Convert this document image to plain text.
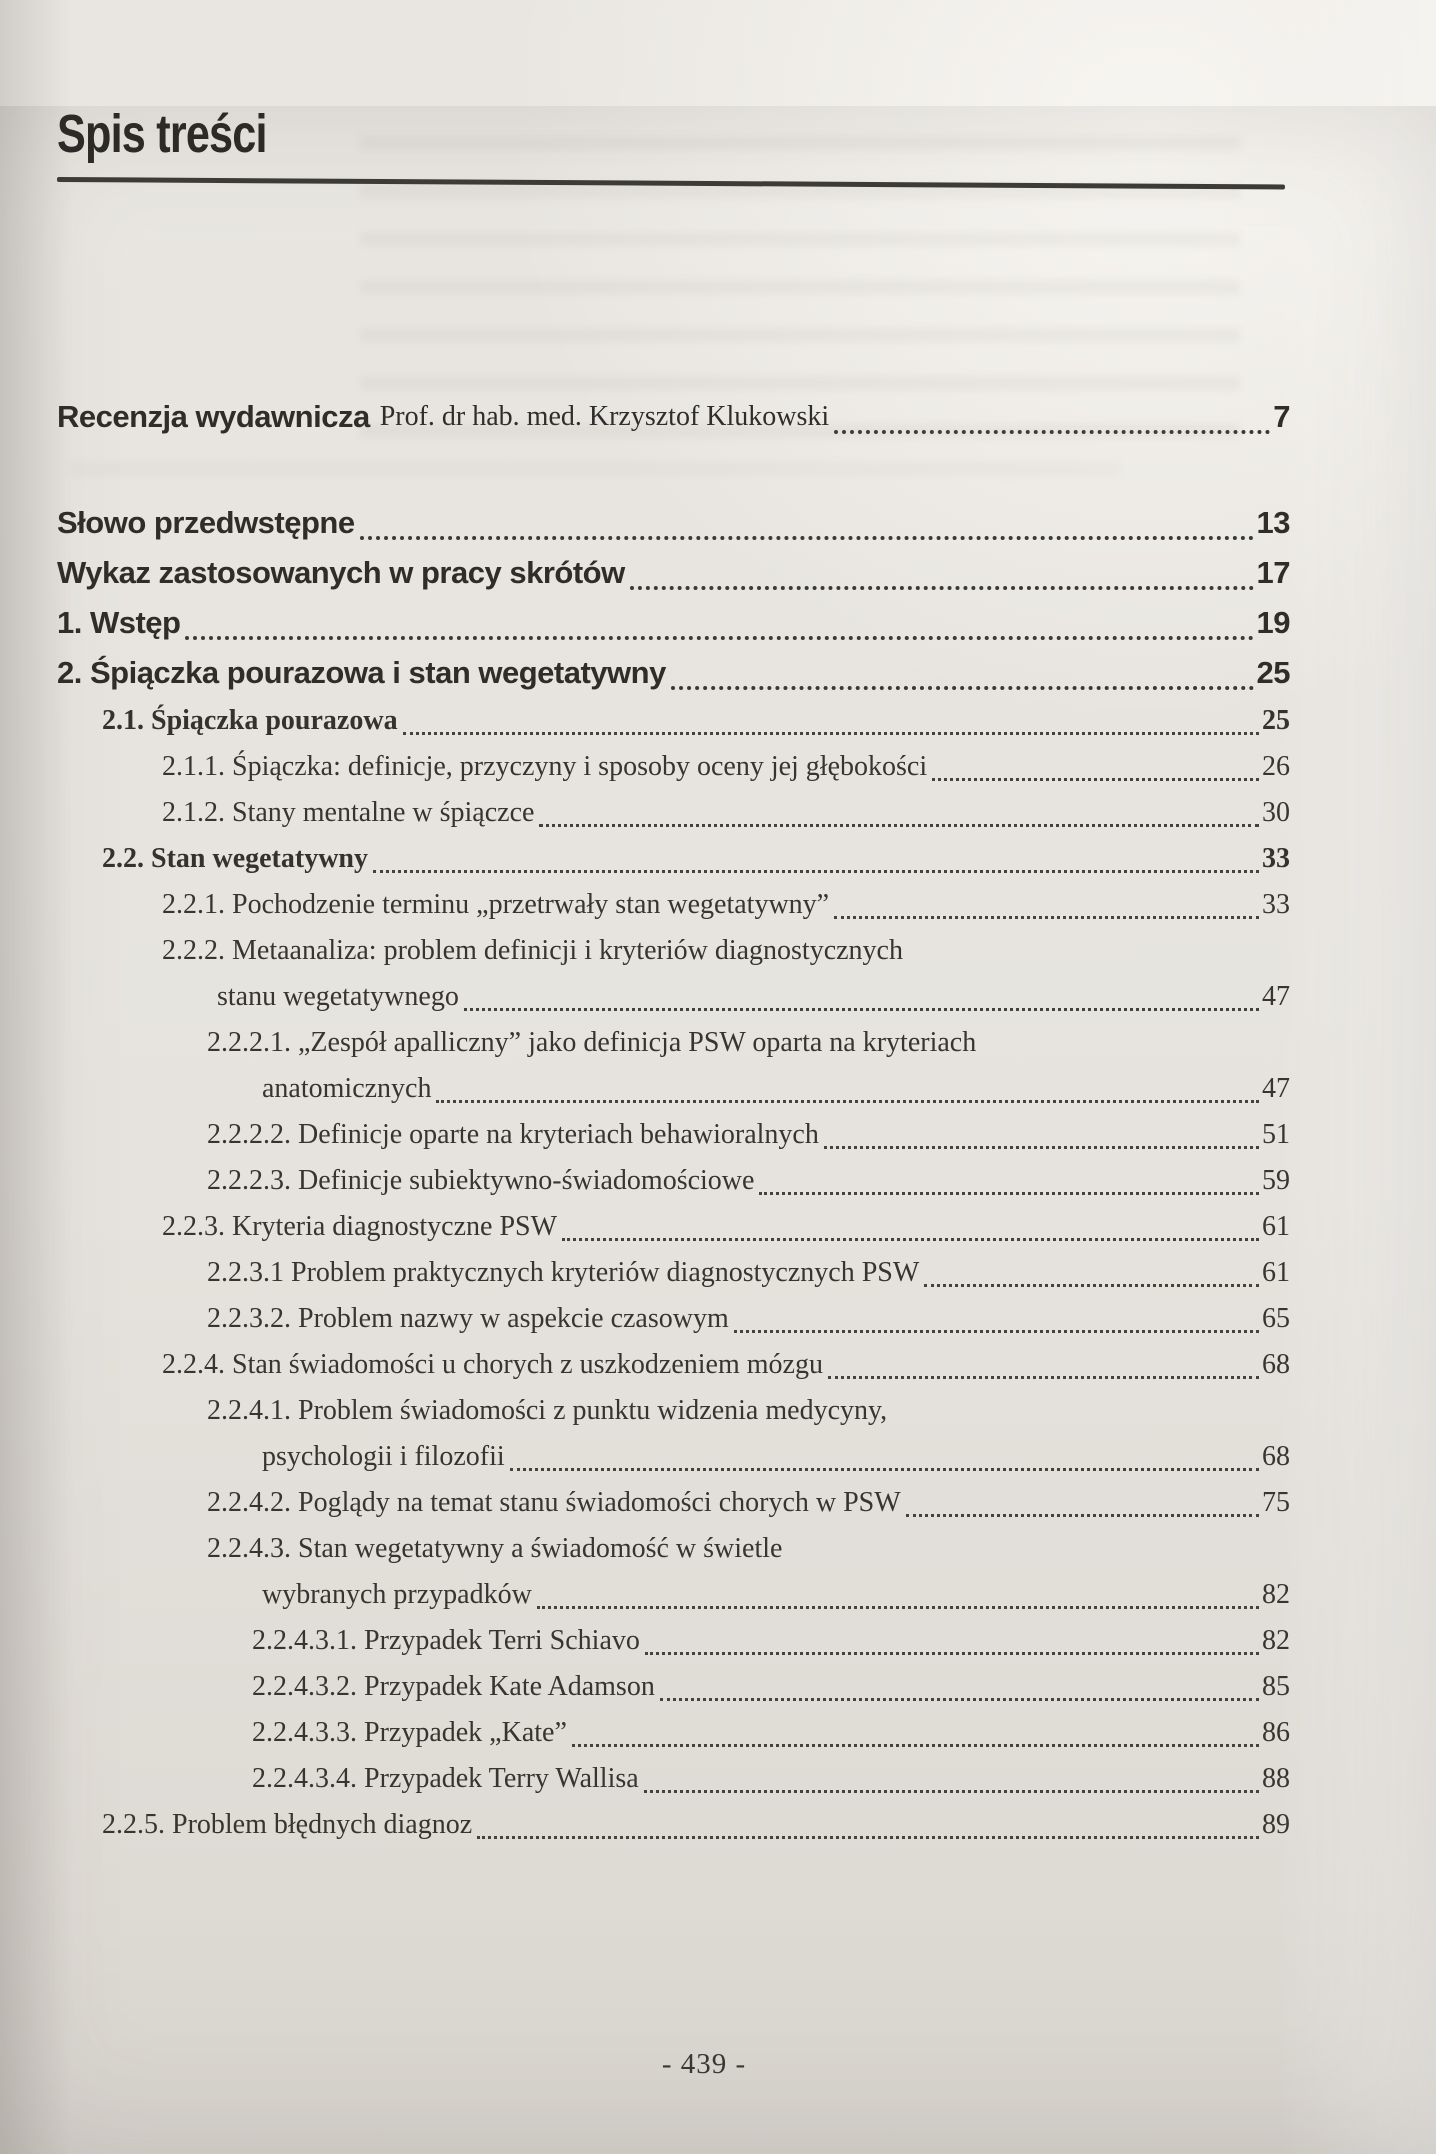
Spis treści
Recenzja wydawnicza Prof. dr hab. med. Krzysztof Klukowski	7
Słowo przedwstępne	13
Wykaz zastosowanych w pracy skrótów	17
1. Wstęp	19
2. Śpiączka pourazowa i stan wegetatywny	25
2.1. Śpiączka pourazowa	25
2.1.1. Śpiączka: definicje, przyczyny i sposoby oceny jej głębokości	26
2.1.2. Stany mentalne w śpiączce	30
2.2. Stan wegetatywny	33
2.2.1. Pochodzenie terminu „przetrwały stan wegetatywny”	33
2.2.2. Metaanaliza: problem definicji i kryteriów diagnostycznych
stanu wegetatywnego	47
2.2.2.1. „Zespół apalliczny” jako definicja PSW oparta na kryteriach
anatomicznych	47
2.2.2.2. Definicje oparte na kryteriach behawioralnych	51
2.2.2.3. Definicje subiektywno-świadomościowe	59
2.2.3. Kryteria diagnostyczne PSW	61
2.2.3.1 Problem praktycznych kryteriów diagnostycznych PSW	61
2.2.3.2. Problem nazwy w aspekcie czasowym	65
2.2.4. Stan świadomości u chorych z uszkodzeniem mózgu	68
2.2.4.1. Problem świadomości z punktu widzenia medycyny,
psychologii i filozofii	68
2.2.4.2. Poglądy na temat stanu świadomości chorych w PSW	75
2.2.4.3. Stan wegetatywny a świadomość w świetle
wybranych przypadków	82
2.2.4.3.1. Przypadek Terri Schiavo	82
2.2.4.3.2. Przypadek Kate Adamson	85
2.2.4.3.3. Przypadek „Kate”	86
2.2.4.3.4. Przypadek Terry Wallisa	88
2.2.5. Problem błędnych diagnoz	89
- 439 -
